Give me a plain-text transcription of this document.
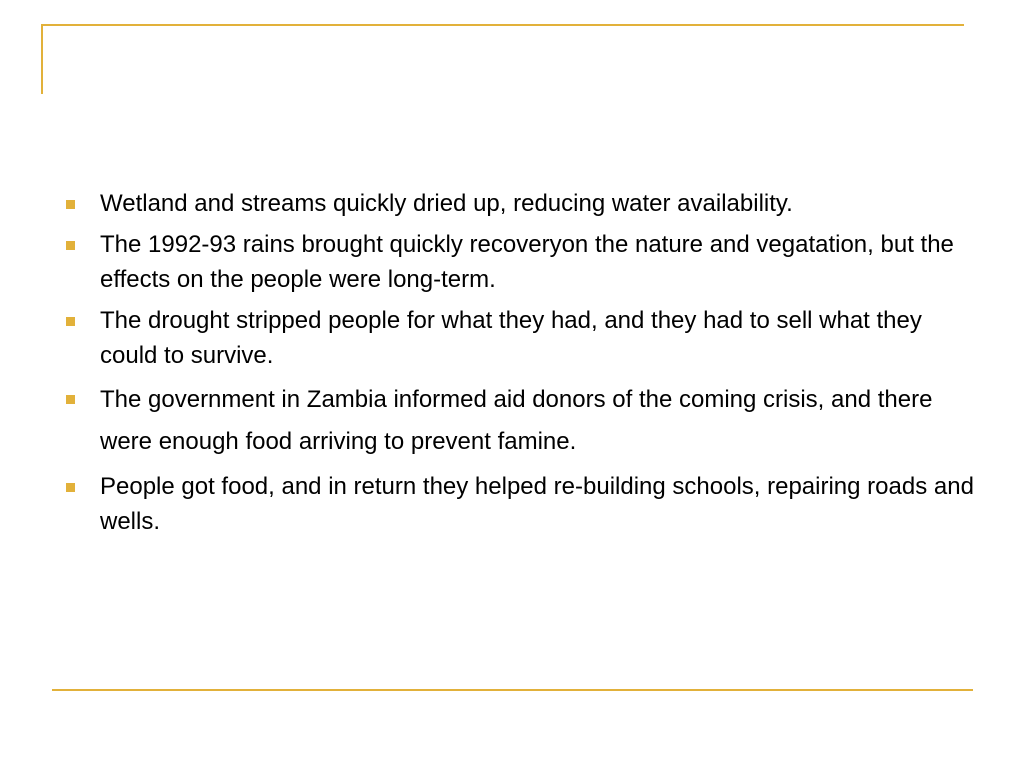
Wetland and streams quickly dried up, reducing water availability.
The 1992-93 rains brought quickly recoveryon the nature and vegatation, but the effects on the people were long-term.
The drought stripped people for what they had, and they had to sell what they could to survive.
The government in Zambia informed aid donors of the coming crisis, and there were enough food arriving to prevent famine.
People got food, and in return they helped re-building schools, repairing roads and wells.
